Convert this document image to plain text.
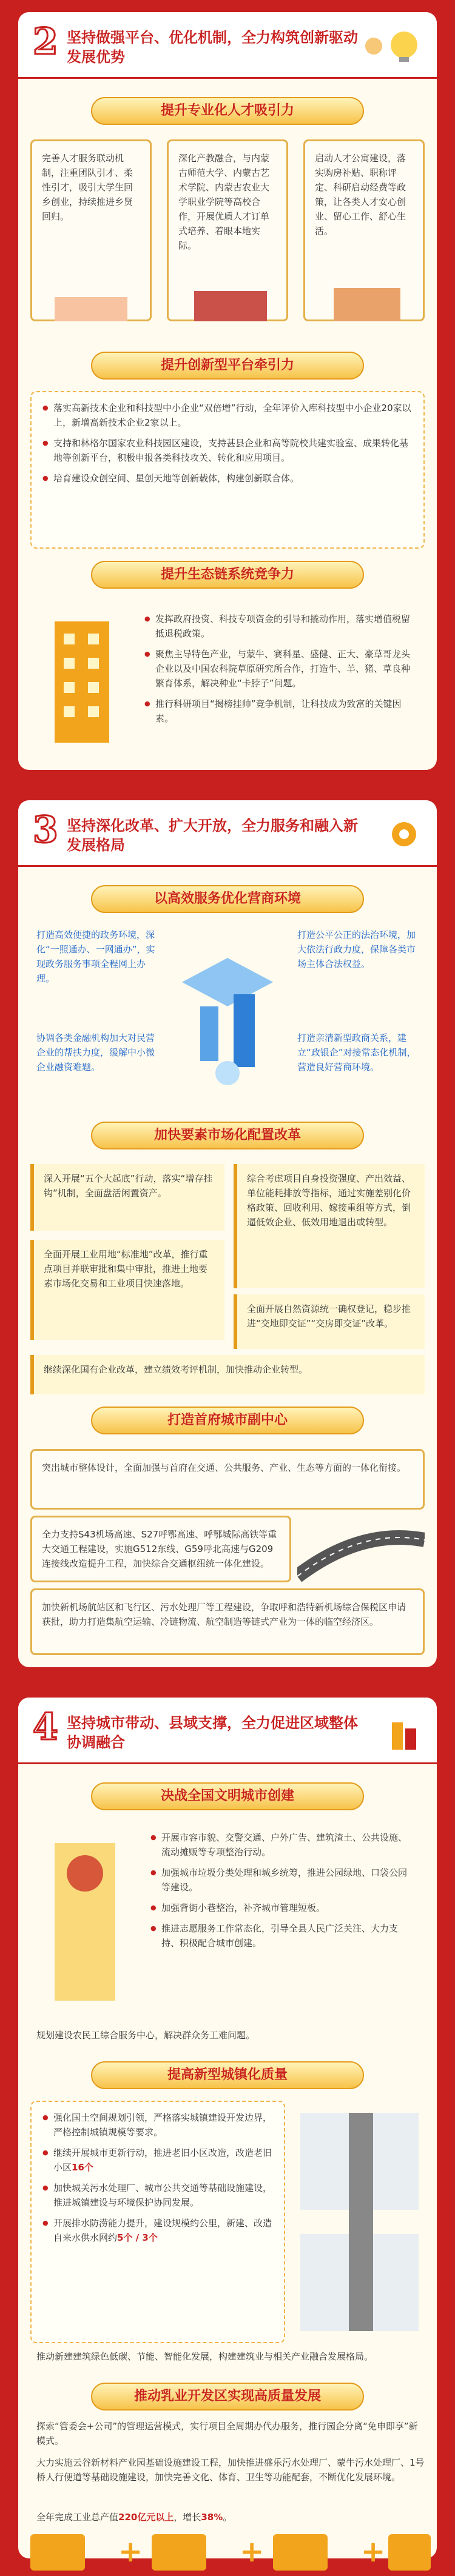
2 坚持做强平台、优化机制，全力构筑创新驱动发展优势
提升专业化人才吸引力
完善人才服务联动机制，注重团队引才、柔性引才，吸引大学生回乡创业，持续推进乡贤回归。
深化产教融合，与内蒙古师范大学、内蒙古艺术学院、内蒙古农业大学职业学院等高校合作，开展优质人才订单式培养、着眼本地实际。
启动人才公寓建设，落实购房补贴、职称评定、科研启动经费等政策，让各类人才安心创业、留心工作、舒心生活。
提升创新型平台牵引力

● 落实高新技术企业和科技型中小企业“双倍增”行动，全年评价入库科技型中小企业20家以上，新增高新技术企业2家以上。

● 支持和林格尔国家农业科技园区建设，支持甚县企业和高等院校共建实验室、成果转化基地等创新平台，积极申报各类科技攻关、转化和应用项目。

● 培育建设众创空间、星创天地等创新载体，构建创新联合体。

提升生态链系统竞争力

● 发挥政府投资、科技专项资金的引导和撬动作用，落实增值税留抵退税政策。

● 聚焦主导特色产业，与蒙牛、赛科星、盛健、正大、豪草哥龙头企业以及中国农科院草原研究所合作，打造牛、羊、猪、草良种繁育体系，解决种业“卡脖子”问题。

● 推行科研项目“揭榜挂帅”竞争机制，让科技成为致富的关键因素。

3 坚持深化改革、扩大开放，全力服务和融入新发展格局
以高效服务优化营商环境
打造高效便捷的政务环境，深化“一照通办、一网通办”，实现政务服务事项全程网上办理。
协调各类金融机构加大对民营企业的帮扶力度，缓解中小微企业融资难题。
打造公平公正的法治环境，加大依法行政力度，保障各类市场主体合法权益。
打造亲清新型政商关系，建立“政银企”对接常态化机制，营造良好营商环境。
加快要素市场化配置改革
深入开展“五个大起底”行动，落实“增存挂钩”机制，全面盘活闲置资产。
全面开展工业用地“标准地”改革，推行重点项目并联审批和集中审批，推进土地要素市场化交易和工业项目快速落地。
综合考虑项目自身投资强度、产出效益、单位能耗排放等指标，通过实施差别化价格政策、回收利用、嫁接重组等方式，倒逼低效企业、低效用地退出或转型。
全面开展自然资源统一确权登记，稳步推进“交地即交证”“交房即交证”改革。
继续深化国有企业改革，建立绩效考评机制，加快推动企业转型。
打造首府城市副中心
突出城市整体设计，全面加强与首府在交通、公共服务、产业、生态等方面的一体化衔接。
全力支持S43机场高速、S27呼鄂高速、呼鄂城际高铁等重大交通工程建设，实施G512东线、G59呼北高速与G209连接线改造提升工程，加快综合交通枢纽统一体化建设。
加快新机场航站区和飞行区、污水处理厂等工程建设，争取呼和浩特新机场综合保税区申请获批，助力打造集航空运输、冷链物流、航空制造等链式产业为一体的临空经济区。
4 坚持城市带动、县域支撑，全力促进区域整体协调融合
决战全国文明城市创建

● 开展市容市貌、交警交通、户外广告、建筑渣土、公共设施、流动摊贩等专项整治行动。

● 加强城市垃圾分类处理和城乡统筹，推进公园绿地、口袋公园等建设。

● 加强背街小巷整治，补齐城市管理短板。

● 推进志愿服务工作常态化，引导全县人民广泛关注、大力支持、积极配合城市创建。

规划建设农民工综合服务中心，解决群众务工难问题。
提高新型城镇化质量

● 强化国土空间规划引领，严格落实城镇建设开发边界，严格控制城镇规模等要求。

● 继续开展城市更新行动，推进老旧小区改造，改造老旧小区16个

● 加快城关污水处理厂、城市公共交通等基础设施建设，推进城镇建设与环境保护协同发展。

● 开展排水防涝能力提升，建设规模约公里，新建、改造自来水供水网约5个 / 3个

推动新建建筑绿色低碳、节能、智能化发展，构建建筑业与相关产业融合发展格局。
推动乳业开发区实现高质量发展
探索“管委会+公司”的管理运营模式，实行项目全周期办代办服务，推行园企分离“免申即享”新模式。
大力实施云谷新材料产业园基础设施建设工程，加快推进盛乐污水处理厂、蒙牛污水处理厂、1号桥人行便道等基础设施建设，加快完善文化、体育、卫生等功能配套，不断优化发展环境。
全年完成工业总产值220亿元以上，增长38%。
+	+	+
